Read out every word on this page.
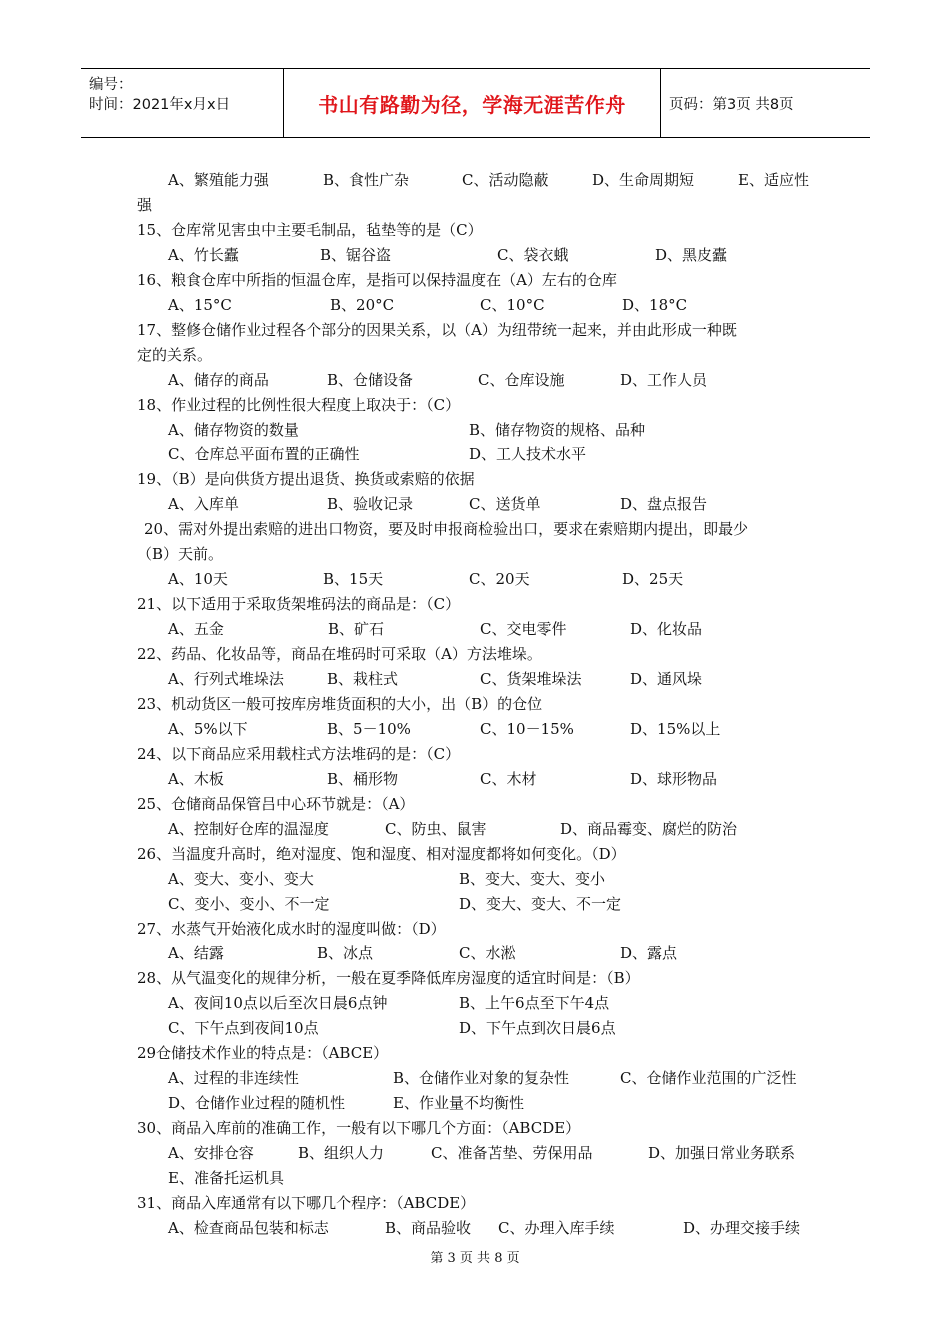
编号：
时间：2021年x月x日	书山有路勤为径，学海无涯苦作舟	页码：第3页 共8页
A、繁殖能力强	B、食性广杂	C、活动隐蔽	D、生命周期短	E、适应性
强
15、仓库常见害虫中主要毛制品，毡垫等的是（C）
A、竹长蠹	B、锯谷盗	C、袋衣蛾	D、黑皮蠹
16、粮食仓库中所指的恒温仓库，是指可以保持温度在（A）左右的仓库
A、15°C	B、20°C	C、10°C	D、18°C
17、整修仓储作业过程各个部分的因果关系，以（A）为纽带统一起来，并由此形成一种既
定的关系。
A、储存的商品	B、仓储设备	C、仓库设施	D、工作人员
18、作业过程的比例性很大程度上取决于：（C）
A、储存物资的数量	B、储存物资的规格、品种
C、仓库总平面布置的正确性	D、工人技术水平
19、（B）是向供货方提出退货、换货或索赔的依据
A、入库单	B、验收记录	C、送货单	D、盘点报告
20、需对外提出索赔的进出口物资，要及时申报商检验出口，要求在索赔期内提出，即最少
（B）天前。
A、10天	B、15天	C、20天	D、25天
21、以下适用于采取货架堆码法的商品是：（C）
A、五金	B、矿石	C、交电零件	D、化妆品
22、药品、化妆品等，商品在堆码时可采取（A）方法堆垛。
A、行列式堆垛法	B、栽柱式	C、货架堆垛法	D、通风垛
23、机动货区一般可按库房堆货面积的大小，出（B）的仓位
A、5%以下	B、5－10%	C、10－15%	D、15%以上
24、以下商品应采用载柱式方法堆码的是：（C）
A、木板	B、桶形物	C、木材	D、球形物品
25、仓储商品保管吕中心环节就是：（A）
A、控制好仓库的温湿度	C、防虫、鼠害	D、商品霉变、腐烂的防治
26、当温度升高时，绝对湿度、饱和湿度、相对湿度都将如何变化。（D）
A、变大、变小、变大	B、变大、变大、变小
C、变小、变小、不一定	D、变大、变大、不一定
27、水蒸气开始液化成水时的湿度叫做：（D）
A、结露	B、冰点	C、水淞	D、露点
28、从气温变化的规律分析，一般在夏季降低库房湿度的适宜时间是：（B）
A、夜间10点以后至次日晨6点钟	B、上午6点至下午4点
C、下午点到夜间10点	D、下午点到次日晨6点
29仓储技术作业的特点是：（ABCE）
A、过程的非连续性	B、仓储作业对象的复杂性	C、仓储作业范围的广泛性
D、仓储作业过程的随机性	E、作业量不均衡性
30、商品入库前的准确工作，一般有以下哪几个方面：（ABCDE）
A、安排仓容	B、组织人力	C、准备苫垫、劳保用品	D、加强日常业务联系
E、准备托运机具
31、商品入库通常有以下哪几个程序：（ABCDE）
A、检查商品包装和标志	B、商品验收 C、办理入库手续	D、办理交接手续
第 3 页 共 8 页
